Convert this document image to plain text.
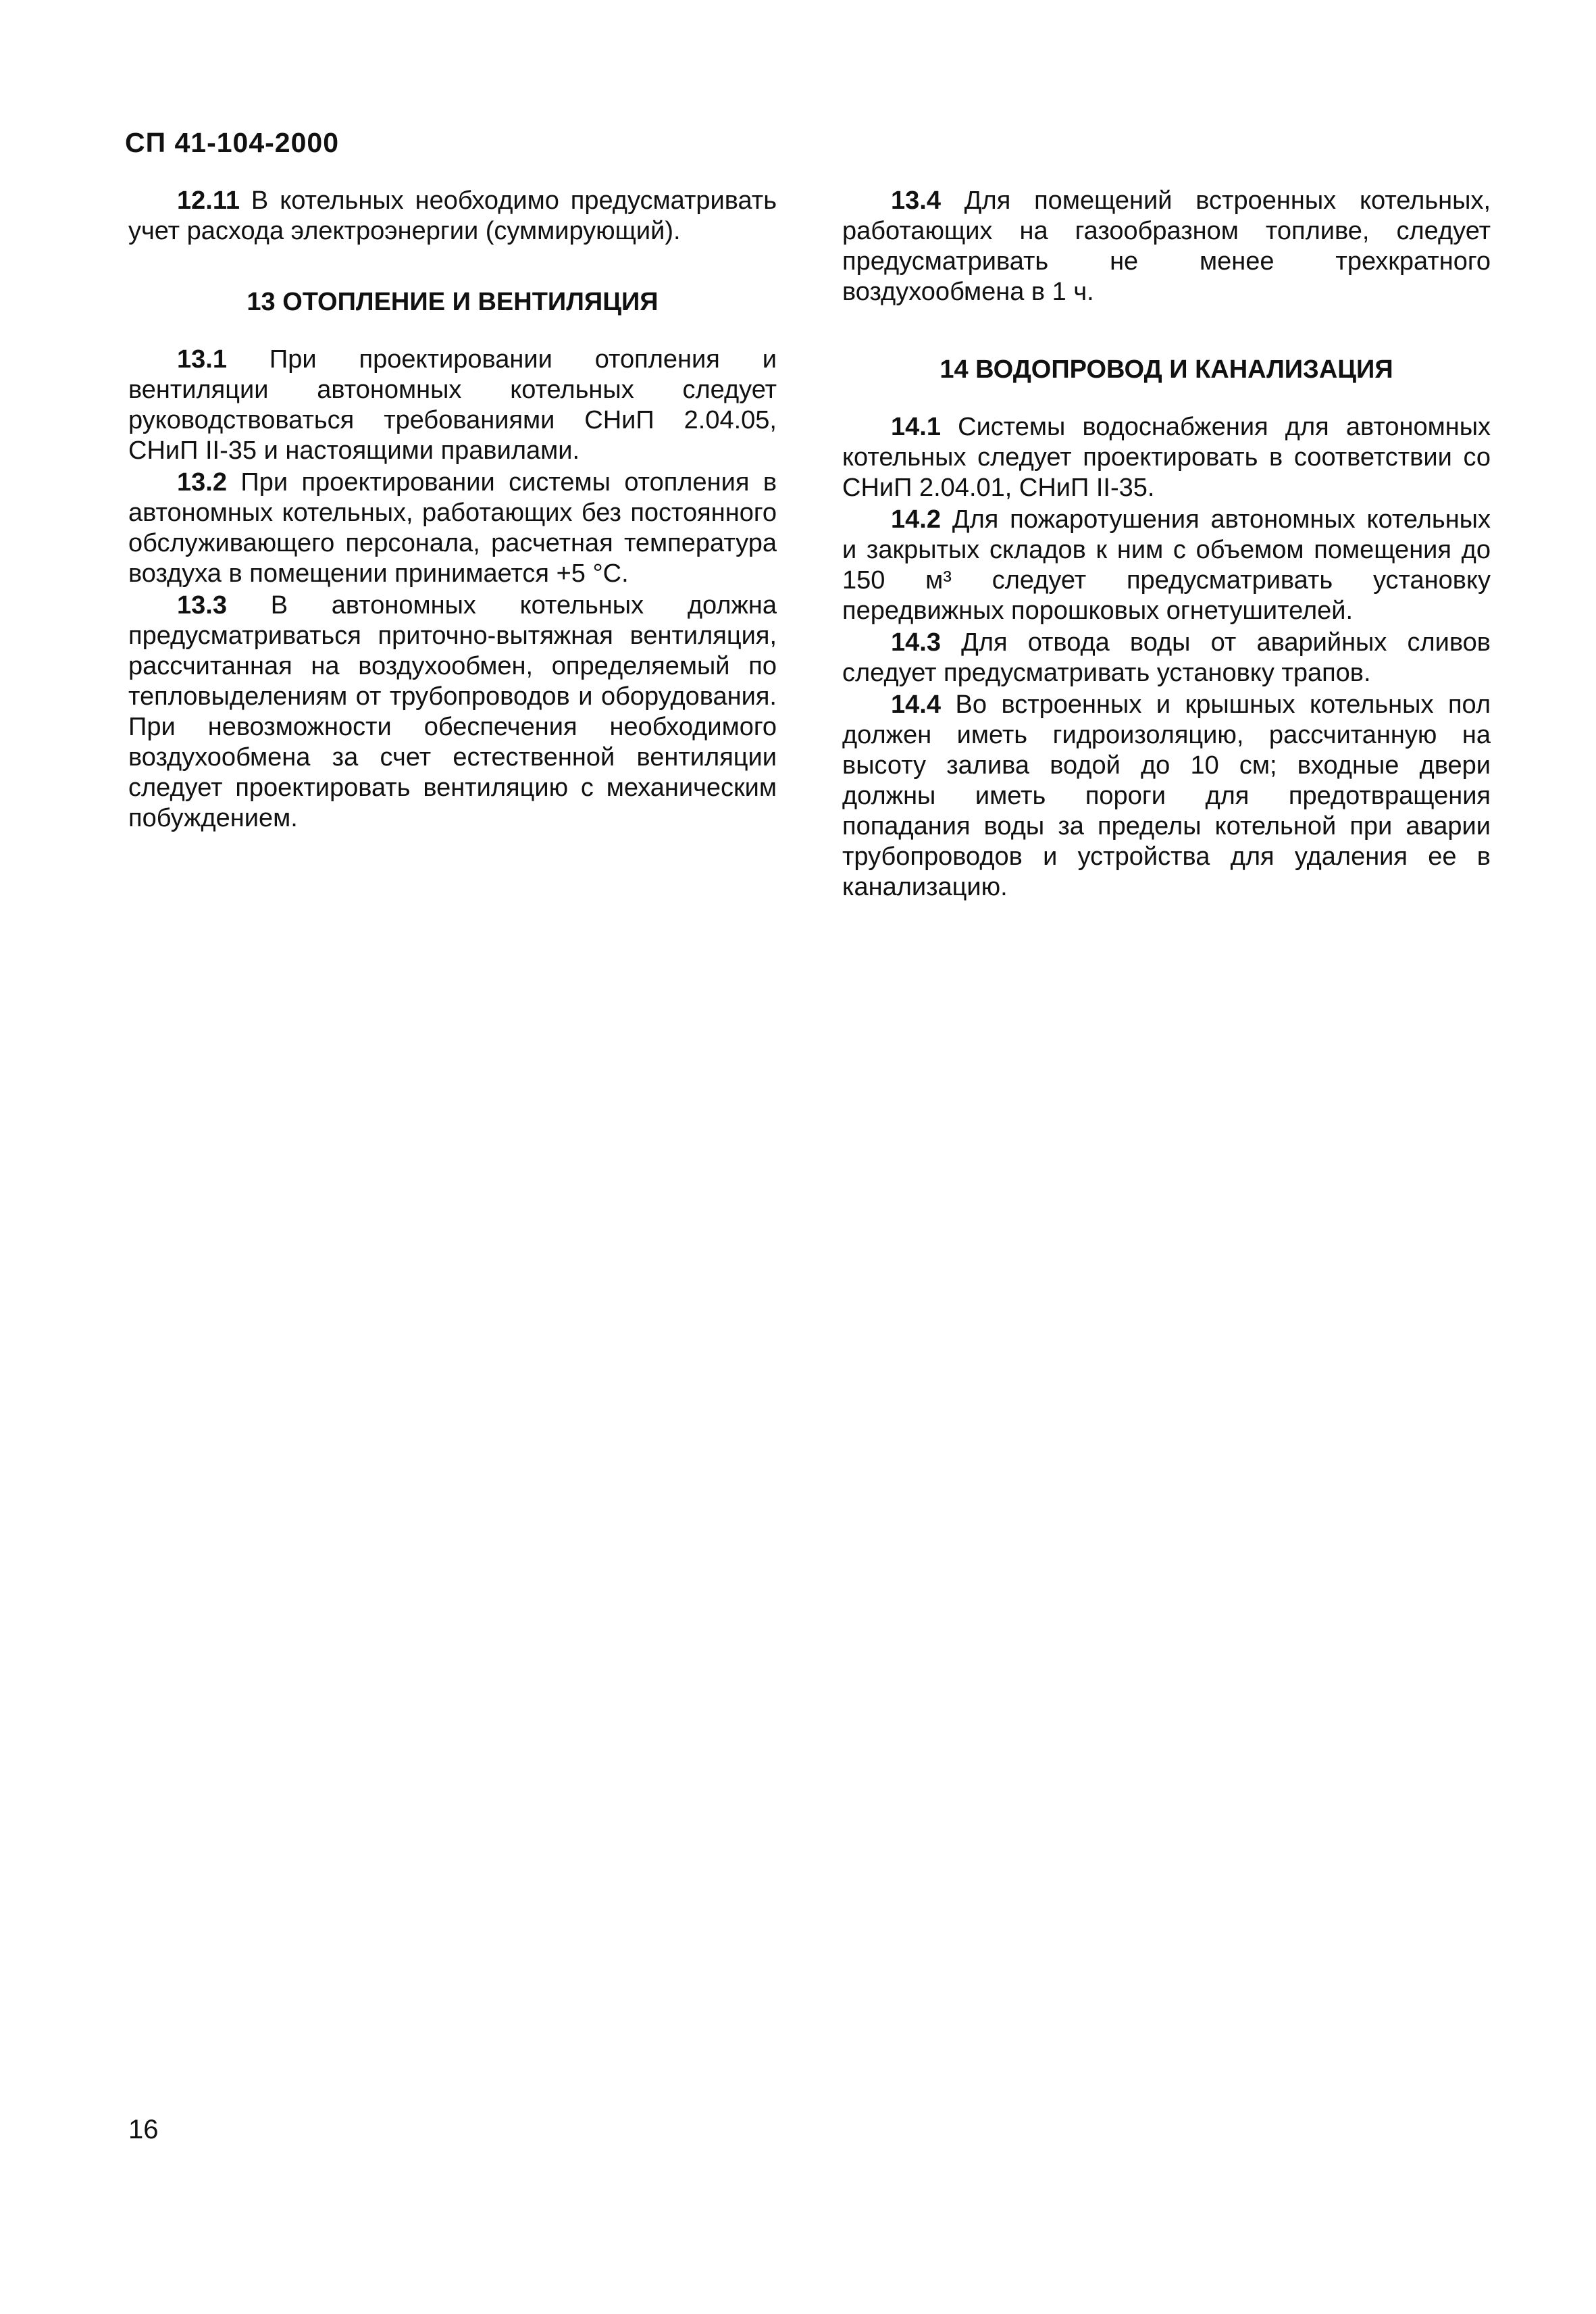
СП 41-104-2000

12.11 В котельных необходимо предусматривать учет расхода электроэнергии (суммирующий).

13 ОТОПЛЕНИЕ И ВЕНТИЛЯЦИЯ

13.1 При проектировании отопления и вентиляции автономных котельных следует руководствоваться требованиями СНиП 2.04.05, СНиП II-35 и настоящими правилами.

13.2 При проектировании системы отопления в автономных котельных, работающих без постоянного обслуживающего персонала, расчетная температура воздуха в помещении принимается +5 °С.

13.3 В автономных котельных должна предусматриваться приточно-вытяжная вентиляция, рассчитанная на воздухообмен, определяемый по тепловыделениям от трубопроводов и оборудования. При невозможности обеспечения необходимого воздухообмена за счет естественной вентиляции следует проектировать вентиляцию с механическим побуждением.

13.4 Для помещений встроенных котельных, работающих на газообразном топливе, следует предусматривать не менее трехкратного воздухообмена в 1 ч.

14 ВОДОПРОВОД И КАНАЛИЗАЦИЯ

14.1 Системы водоснабжения для автономных котельных следует проектировать в соответствии со СНиП 2.04.01, СНиП II-35.

14.2 Для пожаротушения автономных котельных и закрытых складов к ним с объемом помещения до 150 м³ следует предусматривать установку передвижных порошковых огнетушителей.

14.3 Для отвода воды от аварийных сливов следует предусматривать установку трапов.

14.4 Во встроенных и крышных котельных пол должен иметь гидроизоляцию, рассчитанную на высоту залива водой до 10 см; входные двери должны иметь пороги для предотвращения попадания воды за пределы котельной при аварии трубопроводов и устройства для удаления ее в канализацию.

16
